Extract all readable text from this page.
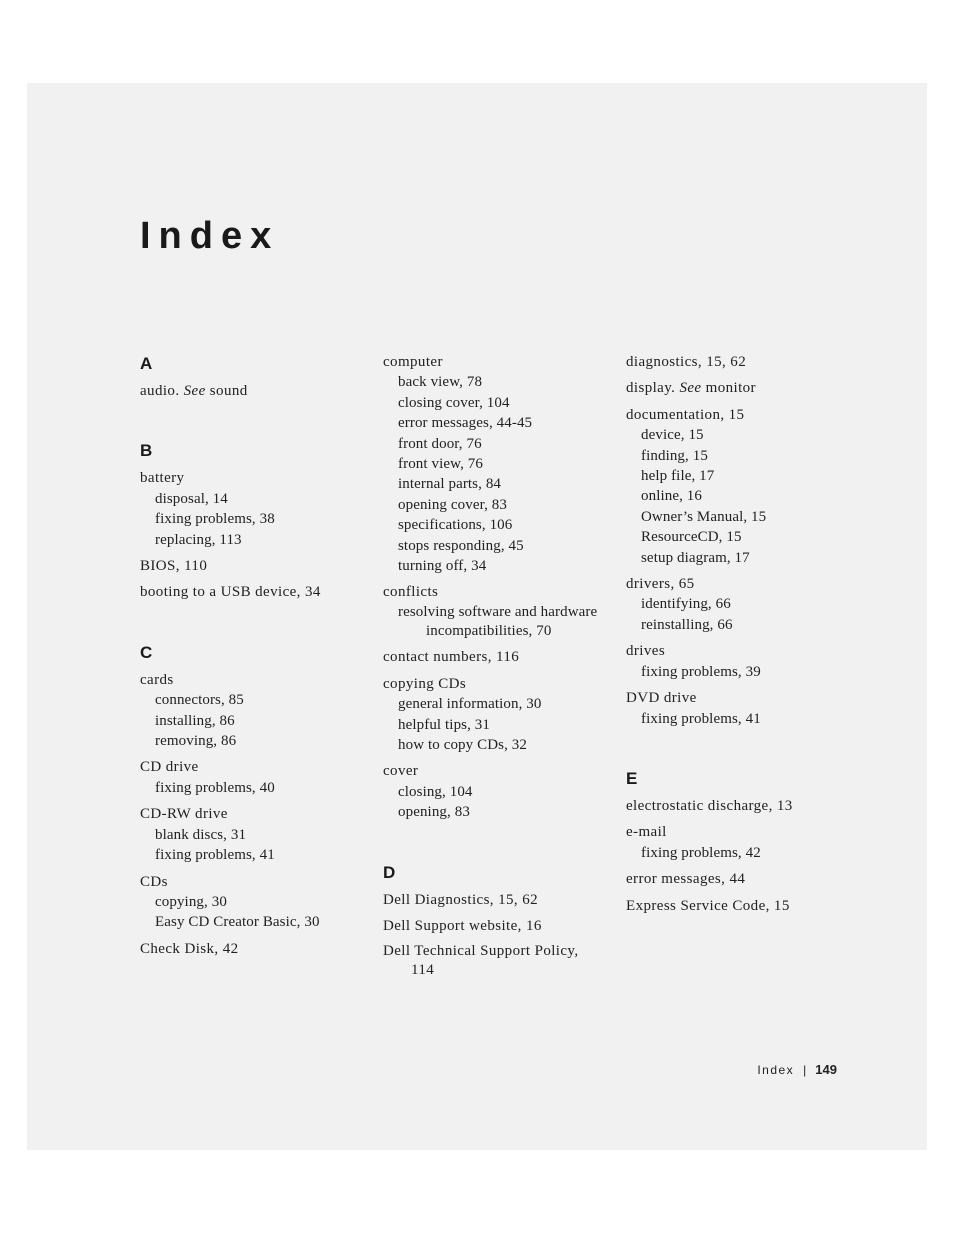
Index
A
audio. See sound
B
battery
disposal, 14
fixing problems, 38
replacing, 113
BIOS, 110
booting to a USB device, 34
C
cards
connectors, 85
installing, 86
removing, 86
CD drive
fixing problems, 40
CD-RW drive
blank discs, 31
fixing problems, 41
CDs
copying, 30
Easy CD Creator Basic, 30
Check Disk, 42
computer
back view, 78
closing cover, 104
error messages, 44-45
front door, 76
front view, 76
internal parts, 84
opening cover, 83
specifications, 106
stops responding, 45
turning off, 34
conflicts
resolving software and hardware incompatibilities, 70
contact numbers, 116
copying CDs
general information, 30
helpful tips, 31
how to copy CDs, 32
cover
closing, 104
opening, 83
D
Dell Diagnostics, 15, 62
Dell Support website, 16
Dell Technical Support Policy, 114
diagnostics, 15, 62
display. See monitor
documentation, 15
device, 15
finding, 15
help file, 17
online, 16
Owner’s Manual, 15
ResourceCD, 15
setup diagram, 17
drivers, 65
identifying, 66
reinstalling, 66
drives
fixing problems, 39
DVD drive
fixing problems, 41
E
electrostatic discharge, 13
e-mail
fixing problems, 42
error messages, 44
Express Service Code, 15
Index | 149
